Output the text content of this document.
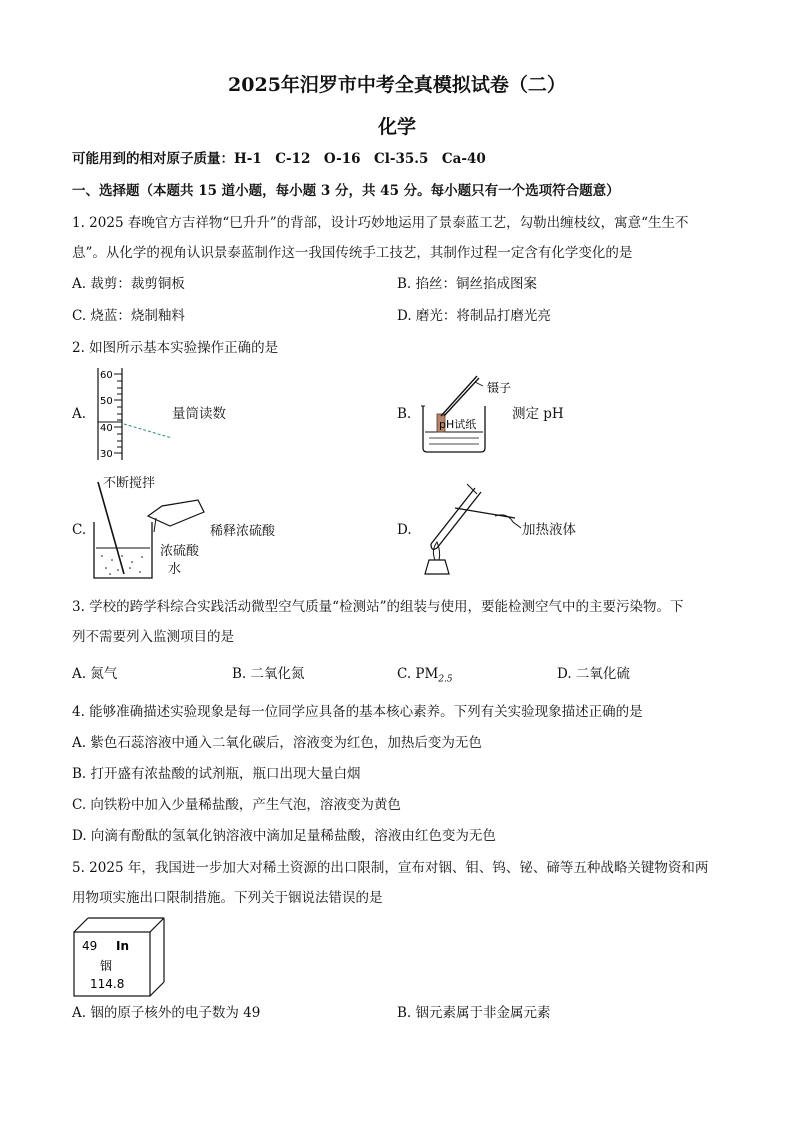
2025年汨罗市中考全真模拟试卷（二）
化学
可能用到的相对原子质量：H-1　C-12　O-16　Cl-35.5　Ca-40
一、选择题（本题共 15 道小题，每小题 3 分，共 45 分。每小题只有一个选项符合题意）
1. 2025 春晚官方吉祥物“巳升升”的背部，设计巧妙地运用了景泰蓝工艺，勾勒出缠枝纹，寓意“生生不
息”。从化学的视角认识景泰蓝制作这一我国传统手工技艺，其制作过程一定含有化学变化的是
A. 裁剪：裁剪铜板	B. 掐丝：铜丝掐成图案
C. 烧蓝：烧制釉料	D. 磨光：将制品打磨光亮
2. 如图所示基本实验操作正确的是
A.
60
50
40
30
量筒读数	B.
镊子
pH试纸
测定 pH
C.
不断搅拌
稀释浓硫酸
浓硫酸
水
D.	加热液体
3. 学校的跨学科综合实践活动微型空气质量“检测站”的组装与使用，要能检测空气中的主要污染物。下
列不需要列入监测项目的是
A. 氮气	B. 二氧化氮	C. $PM_{2.5}$	D. 二氧化硫
4. 能够准确描述实验现象是每一位同学应具备的基本核心素养。下列有关实验现象描述正确的是
A. 紫色石蕊溶液中通入二氧化碳后，溶液变为红色，加热后变为无色
B. 打开盛有浓盐酸的试剂瓶，瓶口出现大量白烟
C. 向铁粉中加入少量稀盐酸，产生气泡，溶液变为黄色
D. 向滴有酚酞的氢氧化钠溶液中滴加足量稀盐酸，溶液由红色变为无色
5. 2025 年，我国进一步加大对稀土资源的出口限制，宣布对铟、钼、钨、铋、碲等五种战略关键物资和两
用物项实施出口限制措施。下列关于铟说法错误的是
49 In
铟
114.8
A. 铟的原子核外的电子数为 49	B. 铟元素属于非金属元素
